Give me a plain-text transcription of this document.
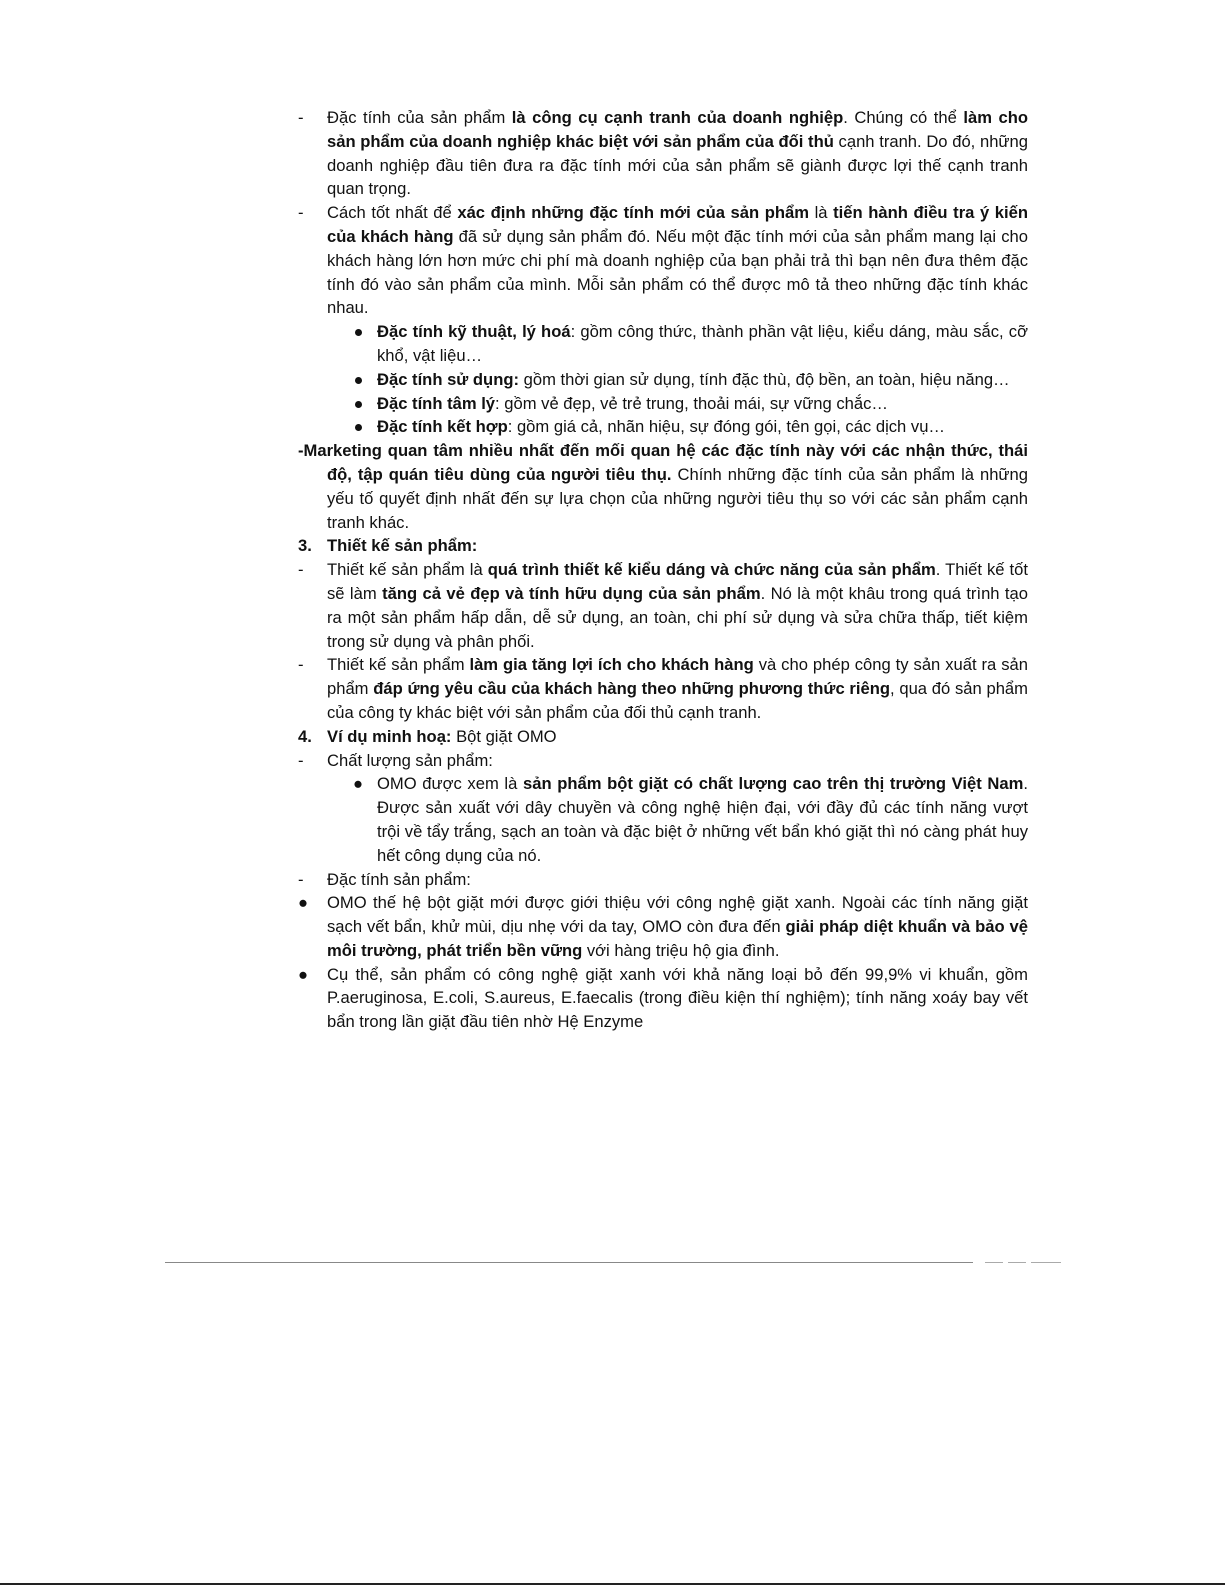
-	Đặc tính của sản phẩm là công cụ cạnh tranh của doanh nghiệp. Chúng có thể làm cho sản phẩm của doanh nghiệp khác biệt với sản phẩm của đối thủ cạnh tranh. Do đó, những doanh nghiệp đầu tiên đưa ra đặc tính mới của sản phẩm sẽ giành được lợi thế cạnh tranh quan trọng.
-	Cách tốt nhất để xác định những đặc tính mới của sản phẩm là tiến hành điều tra ý kiến của khách hàng đã sử dụng sản phẩm đó. Nếu một đặc tính mới của sản phẩm mang lại cho khách hàng lớn hơn mức chi phí mà doanh nghiệp của bạn phải trả thì bạn nên đưa thêm đặc tính đó vào sản phẩm của mình. Mỗi sản phẩm có thể được mô tả theo những đặc tính khác nhau.
Đặc tính kỹ thuật, lý hoá: gồm công thức, thành phần vật liệu, kiểu dáng, màu sắc, cỡ khổ, vật liệu…
Đặc tính sử dụng: gồm thời gian sử dụng, tính đặc thù, độ bền, an toàn, hiệu năng…
Đặc tính tâm lý: gồm vẻ đẹp, vẻ trẻ trung, thoải mái, sự vững chắc…
Đặc tính kết hợp: gồm giá cả, nhãn hiệu, sự đóng gói, tên gọi, các dịch vụ…
-Marketing quan tâm nhiều nhất đến mối quan hệ các đặc tính này với các nhận thức, thái độ, tập quán tiêu dùng của người tiêu thụ. Chính những đặc tính của sản phẩm là những yếu tố quyết định nhất đến sự lựa chọn của những người tiêu thụ so với các sản phẩm cạnh tranh khác.
3. Thiết kế sản phẩm:
-	Thiết kế sản phẩm là quá trình thiết kế kiểu dáng và chức năng của sản phẩm. Thiết kế tốt sẽ làm tăng cả vẻ đẹp và tính hữu dụng của sản phẩm. Nó là một khâu trong quá trình tạo ra một sản phẩm hấp dẫn, dễ sử dụng, an toàn, chi phí sử dụng và sửa chữa thấp, tiết kiệm trong sử dụng và phân phối.
-	Thiết kế sản phẩm làm gia tăng lợi ích cho khách hàng và cho phép công ty sản xuất ra sản phẩm đáp ứng yêu cầu của khách hàng theo những phương thức riêng, qua đó sản phẩm của công ty khác biệt với sản phẩm của đối thủ cạnh tranh.
4. Ví dụ minh hoạ: Bột giặt OMO
-	Chất lượng sản phẩm:
● OMO được xem là sản phẩm bột giặt có chất lượng cao trên thị trường Việt Nam. Được sản xuất với dây chuyền và công nghệ hiện đại, với đầy đủ các tính năng vượt trội về tẩy trắng, sạch an toàn và đặc biệt ở những vết bẩn khó giặt thì nó càng phát huy hết công dụng của nó.
-	Đặc tính sản phẩm:
●	OMO thế hệ bột giặt mới được giới thiệu với công nghệ giặt xanh. Ngoài các tính năng giặt sạch vết bẩn, khử mùi, dịu nhẹ với da tay, OMO còn đưa đến giải pháp diệt khuẩn và bảo vệ môi trường, phát triển bền vững với hàng triệu hộ gia đình.
●	Cụ thể, sản phẩm có công nghệ giặt xanh với khả năng loại bỏ đến 99,9% vi khuẩn, gồm P.aeruginosa, E.coli, S.aureus, E.faecalis (trong điều kiện thí nghiệm); tính năng xoáy bay vết bẩn trong lần giặt đầu tiên nhờ Hệ Enzyme
